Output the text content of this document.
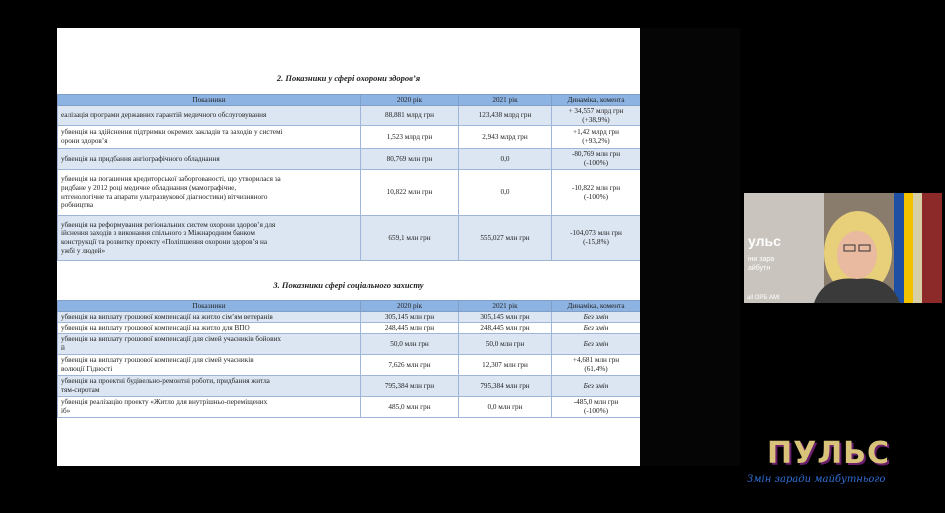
2. Показники у сфері охорони здоров’я
Показники	2020 рік	2021 рік	Динаміка, комента
еалізація програми державних гарантій медичного обслуговування	88,881 млрд грн	123,438 млрд грн	+ 34,557 млрд грн
(+38,9%)
убвенція на здійснення підтримки окремих закладів та заходів у системі
орони здоров’я	1,523 млрд грн	2,943 млрд грн	+1,42 млрд грн
(+93,2%)
убвенція на придбання ангіографічного обладнання	80,769 млн грн	0,0	-80,769 млн грн
(-100%)
убвенція на погашення кредиторської заборгованості, що утворилася за
ридбане у 2012 році медичне обладнання (мамографічне,
нтгенологічне та апарати ультразвукової діагностики) вітчизняного
робництва	10,822 млн грн	0,0	-10,822 млн грн
(-100%)
убвенція на реформування регіональних систем охорони здоров’я для
ійснення заходів з виконання спільного з Міжнародним банком
конструкції та розвитку проекту «Поліпшення охорони здоров’я на
ужбі у людей»	659,1 млн грн	555,027 млн грн	-104,073 млн грн
(-15,8%)
3. Показники сфері соціального захисту
Показники	2020 рік	2021 рік	Динаміка, комента
убвенція на виплату грошової компенсації на житло сім’ям ветеранів	305,145 млн грн	305,145 млн грн	Без змін
убвенція на виплату грошової компенсації на житло для ВПО	248,445 млн грн	248,445 млн грн	Без змін
убвенція на виплату грошової компенсації для сімей учасників бойових
й	50,0 млн грн	50,0 млн грн	Без змін
убвенція на виплату грошової компенсації для сімей учасників
волюції Гідності	7,626 млн грн	12,307 млн грн	+4,681 млн грн
(61,4%)
убвенція на проектні будівельно-ремонтні роботи, придбання житла
тям-сиротам	795,384 млн грн	795,384 млн грн	Без змін
убвенція реалізацію проекту «Житло для внутрішньо-переміщених
іб»	485,0 млн грн	0,0 млн грн	-485,0 млн грн
(-100%)
ульс
іни зара
айбутн
ail ОРБ АМІ
ПУЛЬС
Змін заради майбутнього
